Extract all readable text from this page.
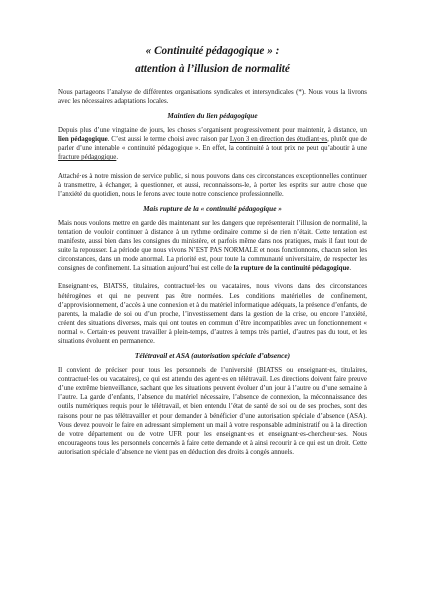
« Continuité pédagogique » :
attention à l’illusion de normalité

Nous partageons l’analyse de différentes organisations syndicales et intersyndicales (*). Nous vous la livrons avec les nécessaires adaptations locales.

Maintien du lien pédagogique

Depuis plus d’une vingtaine de jours, les choses s’organisent progressivement pour maintenir, à distance, un lien pédagogique. C’est aussi le terme choisi avec raison par Lyon 3 en direction des étudiant·es, plutôt que de parler d’une intenable « continuité pédagogique ». En effet, la continuité à tout prix ne peut qu’aboutir à une fracture pédagogique.

Attaché·es à notre mission de service public, si nous pouvons dans ces circonstances exceptionnelles continuer à transmettre, à échanger, à questionner, et aussi, reconnaissons-le, à porter les esprits sur autre chose que l’anxiété du quotidien, nous le ferons avec toute notre conscience professionnelle.

Mais rupture de la « continuité pédagogique »

Mais nous voulons mettre en garde dès maintenant sur les dangers que représenterait l’illusion de normalité, la tentation de vouloir continuer à distance à un rythme ordinaire comme si de rien n’était. Cette tentation est manifeste, aussi bien dans les consignes du ministère, et parfois même dans nos pratiques, mais il faut tout de suite la repousser. La période que nous vivons N’EST PAS NORMALE et nous fonctionnons, chacun selon les circonstances, dans un mode anormal. La priorité est, pour toute la communauté universitaire, de respecter les consignes de confinement. La situation aujourd’hui est celle de la rupture de la continuité pédagogique.

Enseignant·es, BIATSS, titulaires, contractuel·les ou vacataires, nous vivons dans des circonstances hétérogènes et qui ne peuvent pas être normées. Les conditions matérielles de confinement, d’approvisionnement, d’accès à une connexion et à du matériel informatique adéquats, la présence d’enfants, de parents, la maladie de soi ou d’un proche, l’investissement dans la gestion de la crise, ou encore l’anxiété, créent des situations diverses, mais qui ont toutes en commun d’être incompatibles avec un fonctionnement « normal ». Certain·es peuvent travailler à plein-temps, d’autres à temps très partiel, d’autres pas du tout, et les situations évoluent en permanence.

Télétravail et ASA (autorisation spéciale d’absence)

Il convient de préciser pour tous les personnels de l’université (BIATSS ou enseignant·es, titulaires, contractuel·les ou vacataires), ce qui est attendu des agent·es en télétravail. Les directions doivent faire preuve d’une extrême bienveillance, sachant que les situations peuvent évoluer d’un jour à l’autre ou d’une semaine à l’autre. La garde d’enfants, l’absence du matériel nécessaire, l’absence de connexion, la méconnaissance des outils numériques requis pour le télétravail, et bien entendu l’état de santé de soi ou de ses proches, sont des raisons pour ne pas télétravailler et pour demander à bénéficier d’une autorisation spéciale d’absence (ASA). Vous devez pouvoir le faire en adressant simplement un mail à votre responsable administratif ou à la direction de votre département ou de votre UFR pour les enseignant·es et enseignant·es-chercheur·ses. Nous encourageons tous les personnels concernés à faire cette demande et à ainsi recourir à ce qui est un droit. Cette autorisation spéciale d’absence ne vient pas en déduction des droits à congés annuels.
